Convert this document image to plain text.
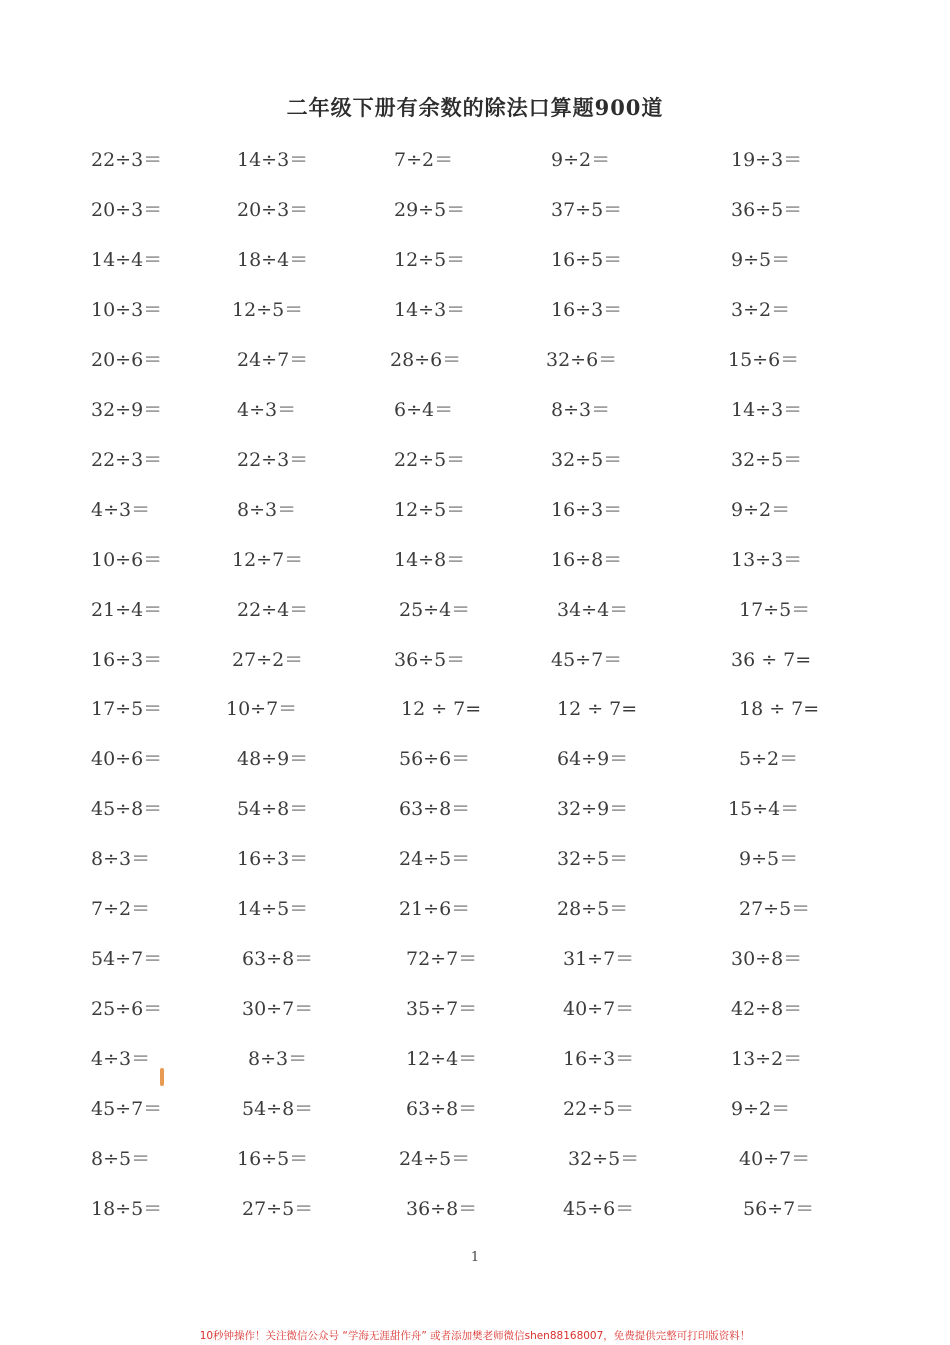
二年级下册有余数的除法口算题900道
22÷3＝	14÷3＝	7÷2＝	9÷2＝	19÷3＝
20÷3＝	20÷3＝	29÷5＝	37÷5＝	36÷5＝
14÷4＝	18÷4＝	12÷5＝	16÷5＝	9÷5＝
10÷3＝	12÷5＝	14÷3＝	16÷3＝	3÷2＝
20÷6＝	24÷7＝	28÷6＝	32÷6＝	15÷6＝
32÷9＝	4÷3＝	6÷4＝	8÷3＝	14÷3＝
22÷3＝	22÷3＝	22÷5＝	32÷5＝	32÷5＝
4÷3＝	8÷3＝	12÷5＝	16÷3＝	9÷2＝
10÷6＝	12÷7＝	14÷8＝	16÷8＝	13÷3＝
21÷4＝	22÷4＝	25÷4＝	34÷4＝	17÷5＝
16÷3＝	27÷2＝	36÷5＝	45÷7＝	36 ÷ 7=
17÷5＝	10÷7＝	12 ÷ 7=	12 ÷ 7=	18 ÷ 7=
40÷6＝	48÷9＝	56÷6＝	64÷9＝	5÷2＝
45÷8＝	54÷8＝	63÷8＝	32÷9＝	15÷4＝
8÷3＝	16÷3＝	24÷5＝	32÷5＝	9÷5＝
7÷2＝	14÷5＝	21÷6＝	28÷5＝	27÷5＝
54÷7＝	63÷8＝	72÷7＝	31÷7＝	30÷8＝
25÷6＝	30÷7＝	35÷7＝	40÷7＝	42÷8＝
4÷3＝	8÷3＝	12÷4＝	16÷3＝	13÷2＝
45÷7＝	54÷8＝	63÷8＝	22÷5＝	9÷2＝
8÷5＝	16÷5＝	24÷5＝	32÷5＝	40÷7＝
18÷5＝	27÷5＝	36÷8＝	45÷6＝	56÷7＝
1
10秒钟操作！关注微信公众号 “学海无涯甜作舟” 或者添加樊老师微信shen88168007，免费提供完整可打印版资料！
